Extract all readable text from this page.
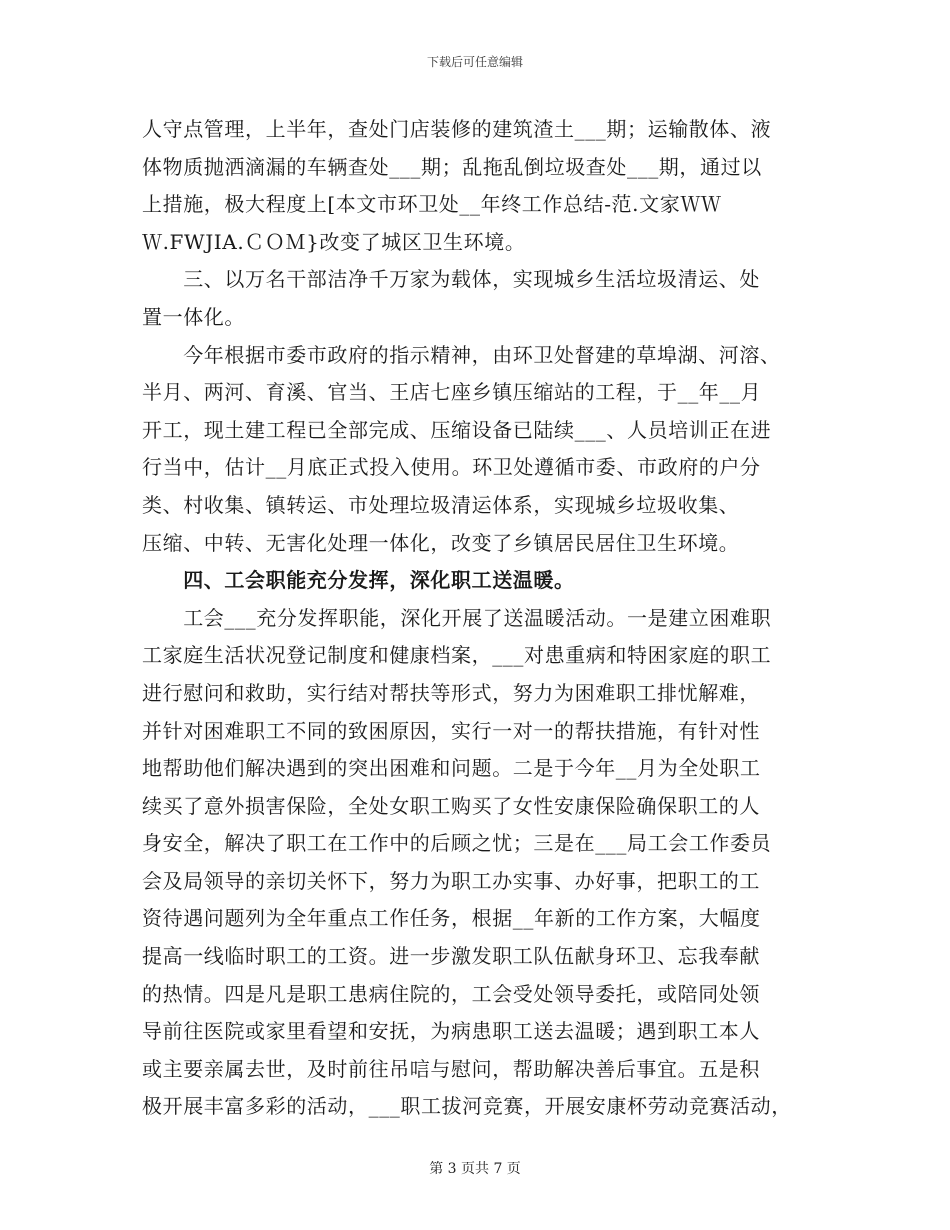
下载后可任意编辑
人守点管理，上半年，查处门店装修的建筑渣土___期；运输散体、液
体物质抛洒滴漏的车辆查处___期；乱拖乱倒垃圾查处___期，通过以
上措施，极大程度上[本文市环卫处__年终工作总结-范.文家ＷＷ
Ｗ.FWJIA.ＣＯＭ}改变了城区卫生环境。
　　三、以万名干部洁净千万家为载体，实现城乡生活垃圾清运、处
置一体化。
　　今年根据市委市政府的指示精神，由环卫处督建的草埠湖、河溶、
半月、两河、育溪、官当、王店七座乡镇压缩站的工程，于__年__月
开工，现土建工程已全部完成、压缩设备已陆续___、人员培训正在进
行当中，估计__月底正式投入使用。环卫处遵循市委、市政府的户分
类、村收集、镇转运、市处理垃圾清运体系，实现城乡垃圾收集、
压缩、中转、无害化处理一体化，改变了乡镇居民居住卫生环境。
　　四、工会职能充分发挥，深化职工送温暖。
　　工会___充分发挥职能，深化开展了送温暖活动。一是建立困难职
工家庭生活状况登记制度和健康档案，___对患重病和特困家庭的职工
进行慰问和救助，实行结对帮扶等形式，努力为困难职工排忧解难，
并针对困难职工不同的致困原因，实行一对一的帮扶措施，有针对性
地帮助他们解决遇到的突出困难和问题。二是于今年__月为全处职工
续买了意外损害保险，全处女职工购买了女性安康保险确保职工的人
身安全，解决了职工在工作中的后顾之忧；三是在___局工会工作委员
会及局领导的亲切关怀下，努力为职工办实事、办好事，把职工的工
资待遇问题列为全年重点工作任务，根据__年新的工作方案，大幅度
提高一线临时职工的工资。进一步激发职工队伍献身环卫、忘我奉献
的热情。四是凡是职工患病住院的，工会受处领导委托，或陪同处领
导前往医院或家里看望和安抚，为病患职工送去温暖；遇到职工本人
或主要亲属去世，及时前往吊唁与慰问，帮助解决善后事宜。五是积
极开展丰富多彩的活动，___职工拔河竞赛，开展安康杯劳动竞赛活动，
第 3 页共 7 页
